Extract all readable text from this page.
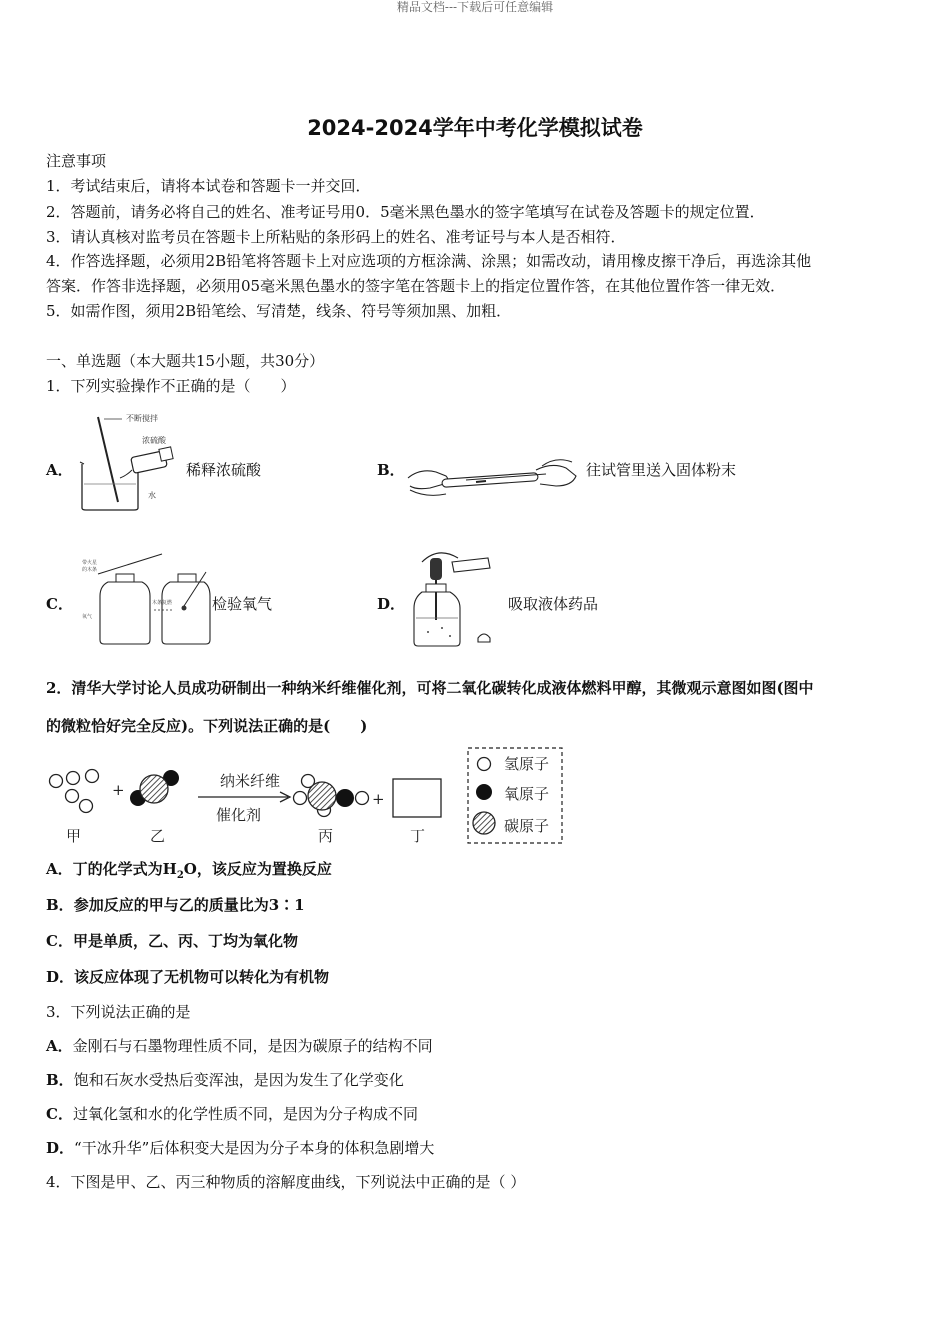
精品文档---下载后可任意编辑
2024-2024学年中考化学模拟试卷
注意事项
1．考试结束后，请将本试卷和答题卡一并交回．
2．答题前，请务必将自己的姓名、准考证号用0．5毫米黑色墨水的签字笔填写在试卷及答题卡的规定位置．
3．请认真核对监考员在答题卡上所粘贴的条形码上的姓名、准考证号与本人是否相符．
4．作答选择题，必须用2B铅笔将答题卡上对应选项的方框涂满、涂黑；如需改动，请用橡皮擦干净后，再选涂其他
答案．作答非选择题，必须用05毫米黑色墨水的签字笔在答题卡上的指定位置作答，在其他位置作答一律无效．
5．如需作图，须用2B铅笔绘、写清楚，线条、符号等须加黑、加粗．
一、单选题（本大题共15小题，共30分）
1．下列实验操作不正确的是（　　）
A．
不断搅拌
浓硫酸
水
稀释浓硫酸	B．	往试管里送入固体粉末
C．
带火星
的木条
氧气
木条复燃	检验氧气	D．	吸取液体药品
2．清华大学讨论人员成功研制出一种纳米纤维催化剂，可将二氧化碳转化成液体燃料甲醇，其微观示意图如图(图中
的微粒恰好完全反应)。下列说法正确的是(　　)
+	纳米纤维
催化剂
+
甲	乙	丙	丁
氢原子
氧原子
碳原子
A．丁的化学式为$H_2O$，该反应为置换反应
B．参加反应的甲与乙的质量比为3∶1
C．甲是单质，乙、丙、丁均为氧化物
D．该反应体现了无机物可以转化为有机物
3．下列说法正确的是
A．金刚石与石墨物理性质不同，是因为碳原子的结构不同
B．饱和石灰水受热后变浑浊，是因为发生了化学变化
C．过氧化氢和水的化学性质不同，是因为分子构成不同
D．“干冰升华”后体积变大是因为分子本身的体积急剧增大
4．下图是甲、乙、丙三种物质的溶解度曲线，下列说法中正确的是（ ）
